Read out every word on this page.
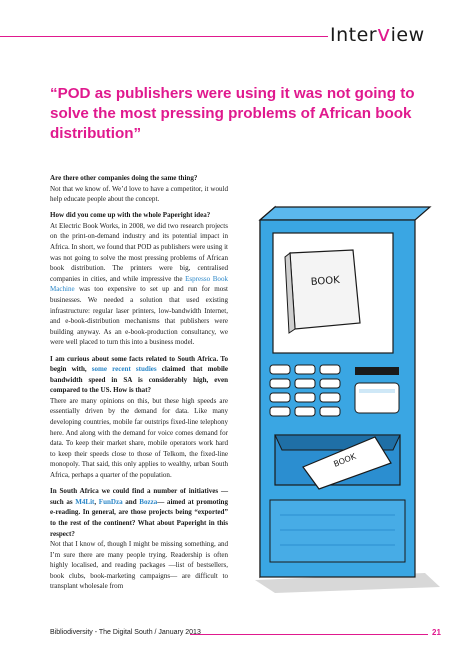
Interview
“POD as publishers were using it was not going to solve the most pressing problems of African book distribution”

Are there other companies doing the same thing?

Not that we know of. We’d love to have a competitor, it would help educate people about the concept.

How did you come up with the whole Paperight idea?

At Electric Book Works, in 2008, we did two research projects on the print-on-demand industry and its potential impact in Africa. In short, we found that POD as publishers were using it was not going to solve the most pressing problems of African book distribution. The printers were big, centralised companies in cities, and while impressive the Espresso Book Machine was too expensive to set up and run for most businesses. We needed a solution that used existing infrastructure: regular laser printers, low-bandwidth Internet, and e-book-distribution mechanisms that publishers were building anyway. As an e-book-production consultancy, we were well placed to turn this into a business model.

I am curious about some facts related to South Africa. To begin with, some recent studies claimed that mobile bandwidth speed in SA is considerably high, even compared to the US. How is that?

There are many opinions on this, but these high speeds are essentially driven by the demand for data. Like many developing countries, mobile far outstrips fixed-line telephony here. And along with the demand for voice comes demand for data. To keep their market share, mobile operators work hard to keep their speeds close to those of Telkom, the fixed-line monopoly. That said, this only applies to wealthy, urban South Africa, perhaps a quarter of the population.

In South Africa we could find a number of initiatives —such as M4Lit, FunDza and Bozza— aimed at promoting e-reading. In general, are those projects being “exported” to the rest of the continent? What about Paperight in this respect?

Not that I know of, though I might be missing something, and I’m sure there are many people trying. Readership is often highly localised, and reading packages —list of bestsellers, book clubs, book-marketing campaigns— are difficult to transplant wholesale from

BOOK
BOOK
Bibliodiversity - The Digital South / January 2013	21
